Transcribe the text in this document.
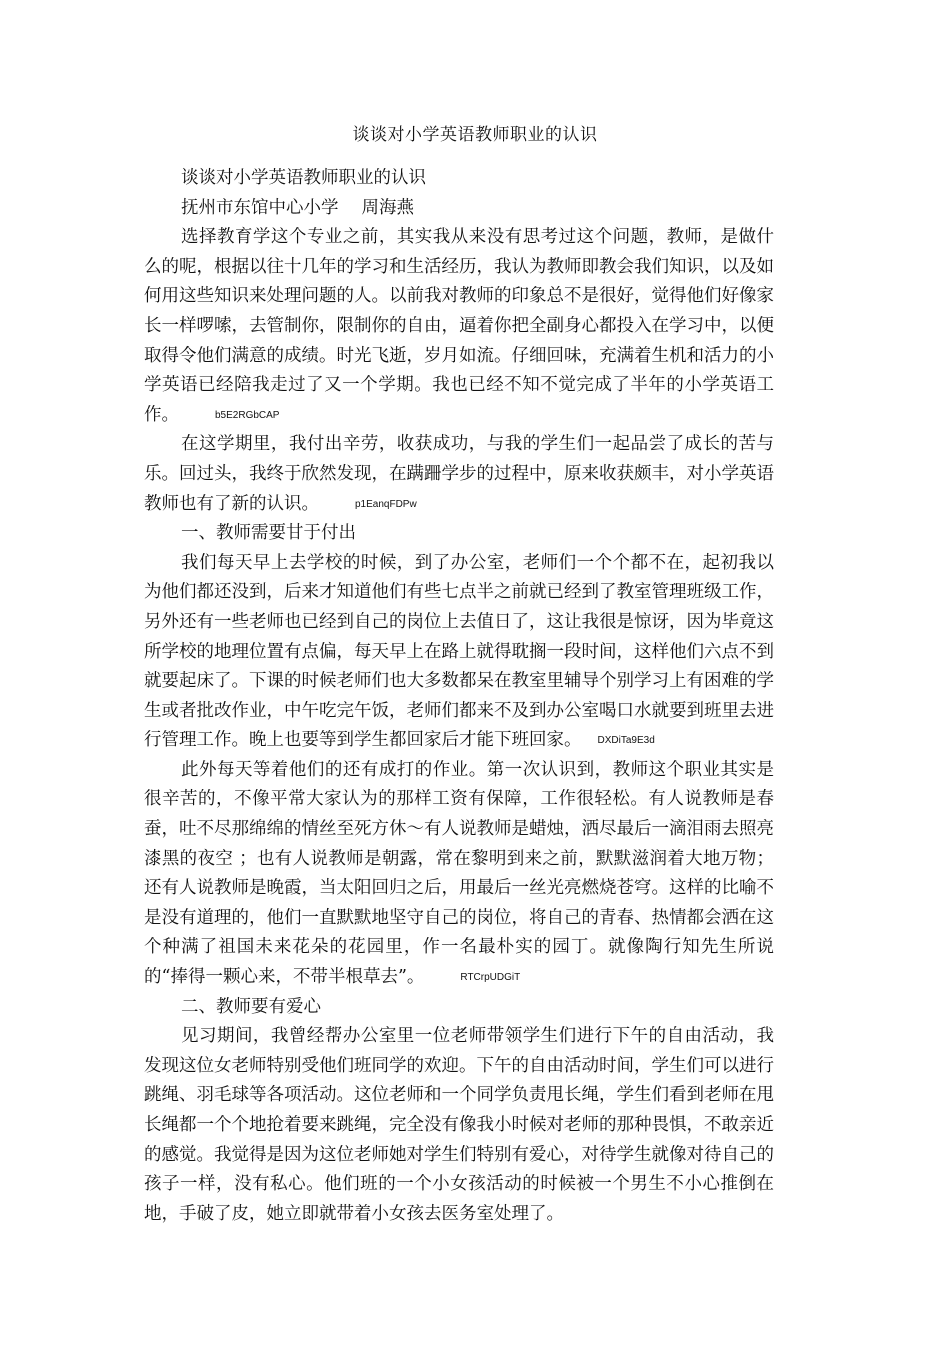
谈谈对小学英语教师职业的认识

谈谈对小学英语教师职业的认识

抚州市东馆中心小学　 周海燕

选择教育学这个专业之前，其实我从来没有思考过这个问题，教师，是做什么的呢，根据以往十几年的学习和生活经历，我认为教师即教会我们知识，以及如何用这些知识来处理问题的人。以前我对教师的印象总不是很好，觉得他们好像家长一样啰嗦，去管制你，限制你的自由，逼着你把全副身心都投入在学习中，以便取得令他们满意的成绩。时光飞逝，岁月如流。仔细回味，充满着生机和活力的小学英语已经陪我走过了又一个学期。我也已经不知不觉完成了半年的小学英语工作。	b5E2RGbCAP

在这学期里，我付出辛劳，收获成功，与我的学生们一起品尝了成长的苦与乐。回过头，我终于欣然发现，在蹒跚学步的过程中，原来收获颇丰，对小学英语教师也有了新的认识。	p1EanqFDPw

一、教师需要甘于付出

我们每天早上去学校的时候，到了办公室，老师们一个个都不在，起初我以为他们都还没到，后来才知道他们有些七点半之前就已经到了教室管理班级工作，另外还有一些老师也已经到自己的岗位上去值日了，这让我很是惊讶，因为毕竟这所学校的地理位置有点偏，每天早上在路上就得耽搁一段时间，这样他们六点不到就要起床了。下课的时候老师们也大多数都呆在教室里辅导个别学习上有困难的学生或者批改作业，中午吃完午饭，老师们都来不及到办公室喝口水就要到班里去进行管理工作。晚上也要等到学生都回家后才能下班回家。 DXDiTa9E3d

此外每天等着他们的还有成打的作业。第一次认识到，教师这个职业其实是很辛苦的，不像平常大家认为的那样工资有保障，工作很轻松。有人说教师是春蚕，吐不尽那绵绵的情丝至死方休～有人说教师是蜡烛，洒尽最后一滴泪雨去照亮漆黑的夜空 ；也有人说教师是朝露，常在黎明到来之前，默默滋润着大地万物；还有人说教师是晚霞，当太阳回归之后，用最后一丝光亮燃烧苍穹。这样的比喻不是没有道理的，他们一直默默地坚守自己的岗位，将自己的青春、热情都会洒在这个种满了祖国未来花朵的花园里，作一名最朴实的园丁。就像陶行知先生所说的“捧得一颗心来，不带半根草去”。	RTCrpUDGiT

二、教师要有爱心

见习期间，我曾经帮办公室里一位老师带领学生们进行下午的自由活动，我发现这位女老师特别受他们班同学的欢迎。下午的自由活动时间，学生们可以进行跳绳、羽毛球等各项活动。这位老师和一个同学负责甩长绳，学生们看到老师在甩长绳都一个个地抢着要来跳绳，完全没有像我小时候对老师的那种畏惧，不敢亲近的感觉。我觉得是因为这位老师她对学生们特别有爱心，对待学生就像对待自己的孩子一样，没有私心。他们班的一个小女孩活动的时候被一个男生不小心推倒在地，手破了皮，她立即就带着小女孩去医务室处理了。
